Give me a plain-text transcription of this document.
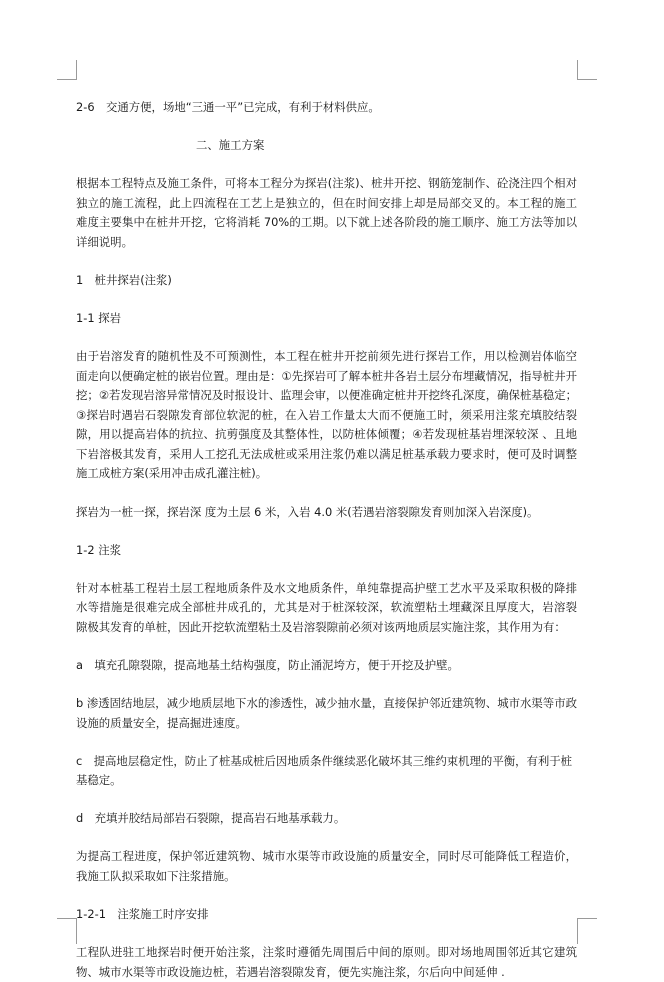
2-6　交通方便，场地“三通一平”已完成，有利于材料供应。

二、施工方案

根据本工程特点及施工条件，可将本工程分为探岩(注浆)、桩井开挖、钢筋笼制作、砼浇注四个相对独立的施工流程，此上四流程在工艺上是独立的，但在时间安排上却是局部交叉的。本工程的施工难度主要集中在桩井开挖，它将消耗 70%的工期。以下就上述各阶段的施工顺序、施工方法等加以详细说明。

1　桩井探岩(注浆)

1-1 探岩

由于岩溶发育的随机性及不可预测性，本工程在桩井开挖前须先进行探岩工作，用以检测岩体临空面走向以便确定桩的嵌岩位置。理由是：①先探岩可了解本桩井各岩土层分布埋藏情况，指导桩井开挖；②若发现岩溶异常情况及时报设计、监理会审，以便准确定桩井开挖终孔深度，确保桩基稳定；③探岩时遇岩石裂隙发育部位软泥的桩，在入岩工作量太大而不便施工时，须采用注浆充填胶结裂隙，用以提高岩体的抗拉、抗剪强度及其整体性，以防桩体倾覆；④若发现桩基岩埋深较深 、且地下岩溶极其发育，采用人工挖孔无法成桩或采用注浆仍难以满足桩基承载力要求时，便可及时调整施工成桩方案(采用冲击成孔灌注桩)。

探岩为一桩一探，探岩深 度为土层 6 米，入岩 4.0 米(若遇岩溶裂隙发育则加深入岩深度)。

1-2 注浆

针对本桩基工程岩土层工程地质条件及水文地质条件，单纯靠提高护壁工艺水平及采取积极的降排水等措施是很难完成全部桩井成孔的，尤其是对于桩深较深，软流塑粘土埋藏深且厚度大，岩溶裂隙极其发育的单桩，因此开挖软流塑粘土及岩溶裂隙前必须对该两地质层实施注浆，其作用为有：

a　填充孔隙裂隙，提高地基土结构强度，防止涌泥垮方，便于开挖及护壁。

b 渗透固结地层，减少地质层地下水的渗透性，减少抽水量，直接保护邻近建筑物、城市水渠等市政设施的质量安全，提高掘进速度。

c　提高地层稳定性，防止了桩基成桩后因地质条件继续恶化破坏其三维约束机理的平衡，有利于桩基稳定。

d　充填并胶结局部岩石裂隙，提高岩石地基承载力。

为提高工程进度，保护邻近建筑物、城市水渠等市政设施的质量安全，同时尽可能降低工程造价，我施工队拟采取如下注浆措施。

1-2-1　注浆施工时序安排

工程队进驻工地探岩时便开始注浆，注浆时遵循先周围后中间的原则。即对场地周围邻近其它建筑物、城市水渠等市政设施边桩，若遇岩溶裂隙发育，便先实施注浆，尔后向中间延伸 .
